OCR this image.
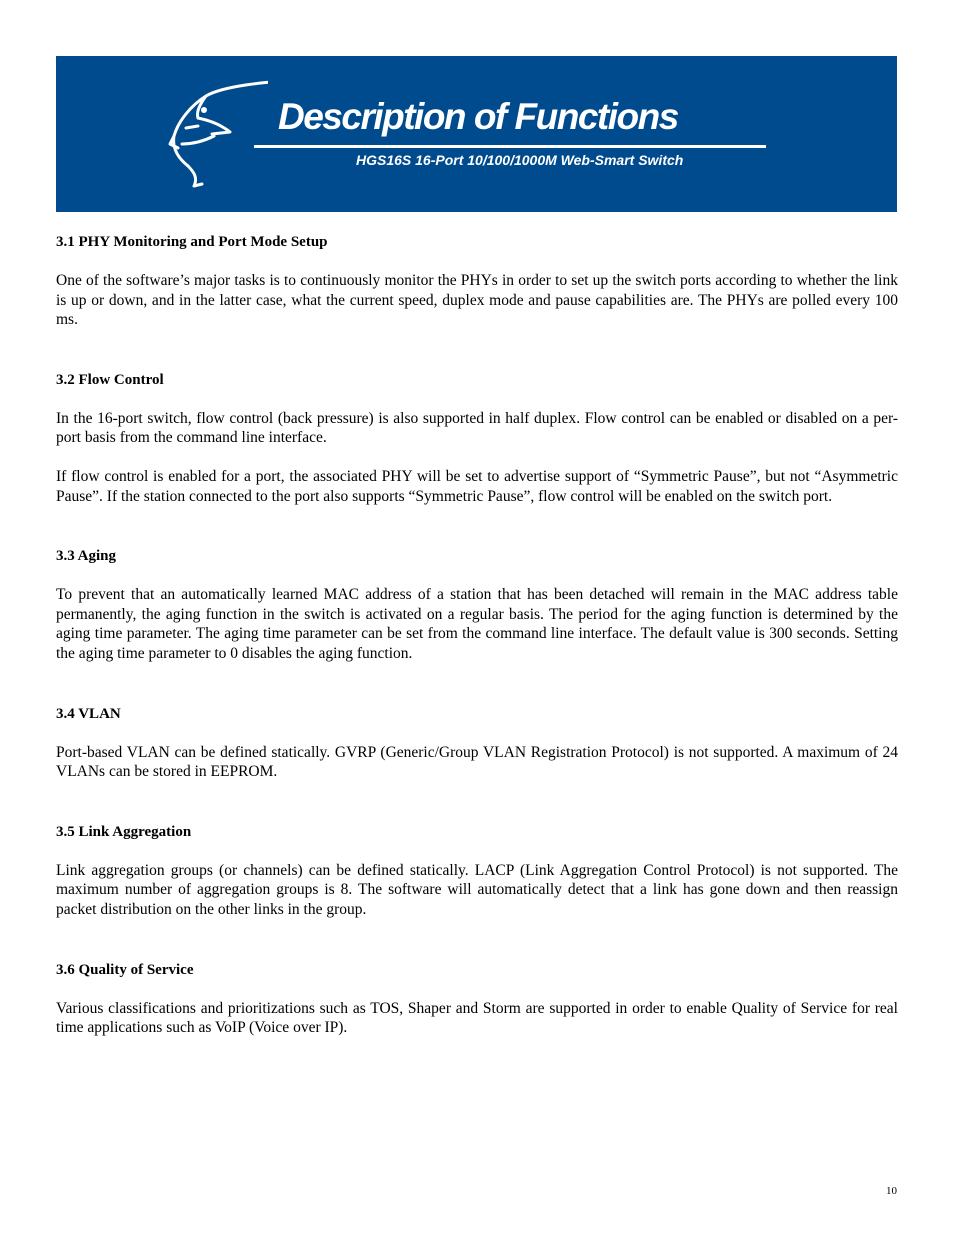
Description of Functions
HGS16S 16-Port 10/100/1000M Web-Smart Switch
3.1 PHY Monitoring and Port Mode Setup

One of the software’s major tasks is to continuously monitor the PHYs in order to set up the switch ports according to whether the link is up or down, and in the latter case, what the current speed, duplex mode and pause capabilities are. The PHYs are polled every 100 ms.

3.2 Flow Control

In the 16-port switch, flow control (back pressure) is also supported in half duplex. Flow control can be enabled or disabled on a per-port basis from the command line interface.

If flow control is enabled for a port, the associated PHY will be set to advertise support of “Symmetric Pause”, but not “Asymmetric Pause”. If the station connected to the port also supports “Symmetric Pause”, flow control will be enabled on the switch port.

3.3 Aging

To prevent that an automatically learned MAC address of a station that has been detached will remain in the MAC address table permanently, the aging function in the switch is activated on a regular basis. The period for the aging function is determined by the aging time parameter. The aging time parameter can be set from the command line interface. The default value is 300 seconds. Setting the aging time parameter to 0 disables the aging function.

3.4 VLAN

Port-based VLAN can be defined statically. GVRP (Generic/Group VLAN Registration Protocol) is not supported. A maximum of 24 VLANs can be stored in EEPROM.

3.5 Link Aggregation

Link aggregation groups (or channels) can be defined statically. LACP (Link Aggregation Control Protocol) is not supported. The maximum number of aggregation groups is 8. The software will automatically detect that a link has gone down and then reassign packet distribution on the other links in the group.

3.6 Quality of Service

Various classifications and prioritizations such as TOS, Shaper and Storm are supported in order to enable Quality of Service for real time applications such as VoIP (Voice over IP).

10
